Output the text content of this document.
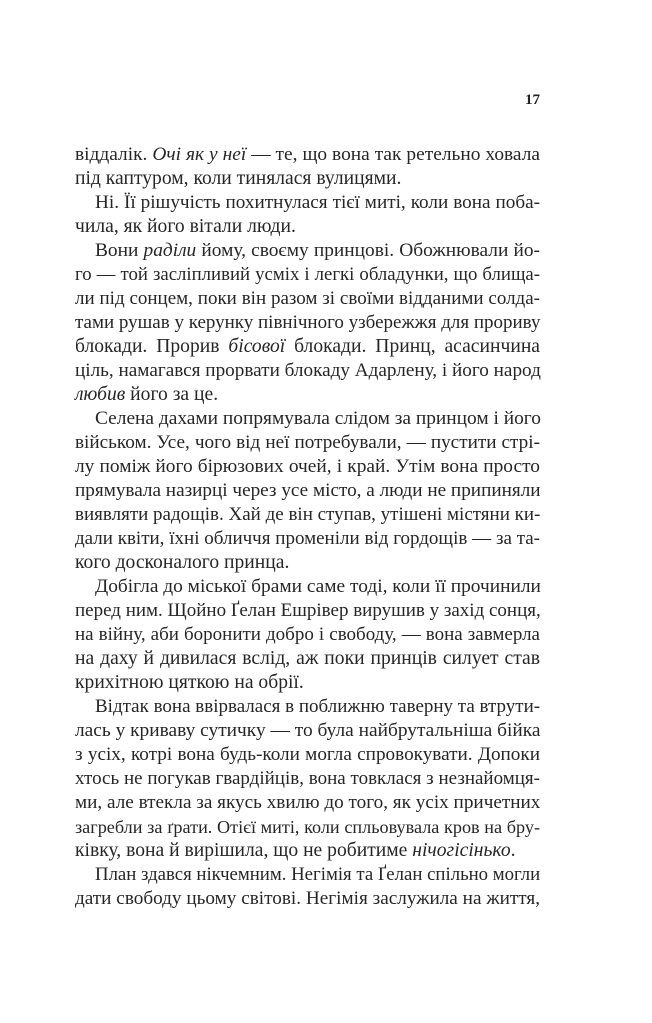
17
віддалік. Очі як у неї — те, що вона так ретельно ховала
під каптуром, коли тинялася вулицями.
Ні. Її рішучість похитнулася тієї миті, коли вона поба-
чила, як його вітали люди.
Вони раділи йому, своєму принцові. Обожнювали йо-
го — той засліпливий усміх і легкі обладунки, що блища-
ли під сонцем, поки він разом зі своїми відданими солда-
тами рушав у керунку північного узбережжя для прориву
блокади. Прорив бісової блокади. Принц, асасинчина
ціль, намагався прорвати блокаду Адарлену, і його народ
любив його за це.
Селена дахами попрямувала слідом за принцом і його
військом. Усе, чого від неї потребували, — пустити стрі-
лу поміж його бірюзових очей, і край. Утім вона просто
прямувала назирці через усе місто, а люди не припиняли
виявляти радощів. Хай де він ступав, утішені містяни ки-
дали квіти, їхні обличчя променіли від гордощів — за та-
кого досконалого принца.
Добігла до міської брами саме тоді, коли її прочинили
перед ним. Щойно Ґелан Ешрівер вирушив у захід сонця,
на війну, аби боронити добро і свободу, — вона завмерла
на даху й дивилася вслід, аж поки принців силует став
крихітною цяткою на обрії.
Відтак вона ввірвалася в поближню таверну та втрути-
лась у криваву сутичку — то була найбрутальніша бійка
з усіх, котрі вона будь-коли могла спровокувати. Допоки
хтось не погукав гвардійців, вона товклася з незнайомця-
ми, але втекла за якусь хвилю до того, як усіх причетних
загребли за ґрати. Отієї миті, коли спльовувала кров на бру-
ківку, вона й вирішила, що не робитиме нічогісінько.
План здався нікчемним. Негімія та Ґелан спільно могли
дати свободу цьому світові. Негімія заслужила на життя,
